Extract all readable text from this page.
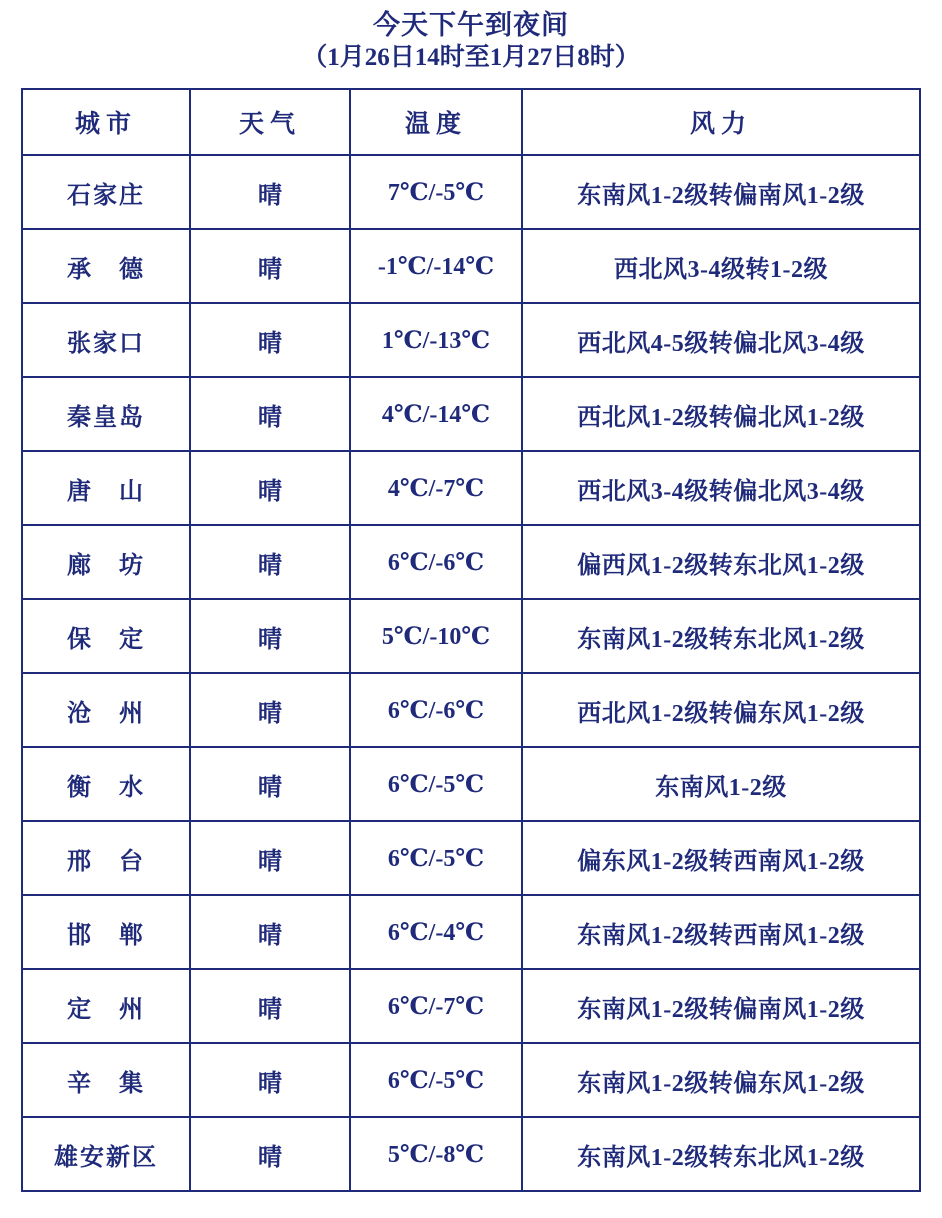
今天下午到夜间
（1月26日14时至1月27日8时）
城市	天气	温度	风力
石家庄	晴	7℃/-5℃	东南风1-2级转偏南风1-2级
承　德	晴	-1℃/-14℃	西北风3-4级转1-2级
张家口	晴	1℃/-13℃	西北风4-5级转偏北风3-4级
秦皇岛	晴	4℃/-14℃	西北风1-2级转偏北风1-2级
唐　山	晴	4℃/-7℃	西北风3-4级转偏北风3-4级
廊　坊	晴	6℃/-6℃	偏西风1-2级转东北风1-2级
保　定	晴	5℃/-10℃	东南风1-2级转东北风1-2级
沧　州	晴	6℃/-6℃	西北风1-2级转偏东风1-2级
衡　水	晴	6℃/-5℃	东南风1-2级
邢　台	晴	6℃/-5℃	偏东风1-2级转西南风1-2级
邯　郸	晴	6℃/-4℃	东南风1-2级转西南风1-2级
定　州	晴	6℃/-7℃	东南风1-2级转偏南风1-2级
辛　集	晴	6℃/-5℃	东南风1-2级转偏东风1-2级
雄安新区	晴	5℃/-8℃	东南风1-2级转东北风1-2级
